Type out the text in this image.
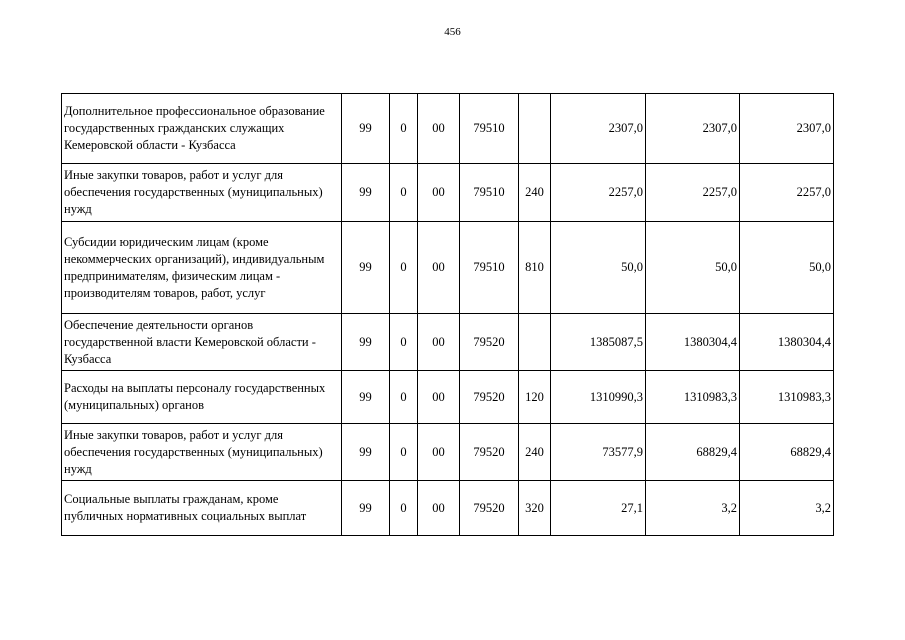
456
Дополнительное профессиональное образование государственных гражданских служащих Кемеровской области - Кузбасса	99	0	00	79510		2307,0	2307,0	2307,0
Иные закупки товаров, работ и услуг для обеспечения государственных (муниципальных) нужд	99	0	00	79510	240	2257,0	2257,0	2257,0
Субсидии юридическим лицам (кроме некоммерческих организаций), индивидуальным предпринимателям, физическим лицам - производителям товаров, работ, услуг	99	0	00	79510	810	50,0	50,0	50,0
Обеспечение деятельности органов государственной власти Кемеровской области - Кузбасса	99	0	00	79520		1385087,5	1380304,4	1380304,4
Расходы на выплаты персоналу государственных (муниципальных) органов	99	0	00	79520	120	1310990,3	1310983,3	1310983,3
Иные закупки товаров, работ и услуг для обеспечения государственных (муниципальных) нужд	99	0	00	79520	240	73577,9	68829,4	68829,4
Социальные выплаты гражданам, кроме публичных нормативных социальных выплат	99	0	00	79520	320	27,1	3,2	3,2
